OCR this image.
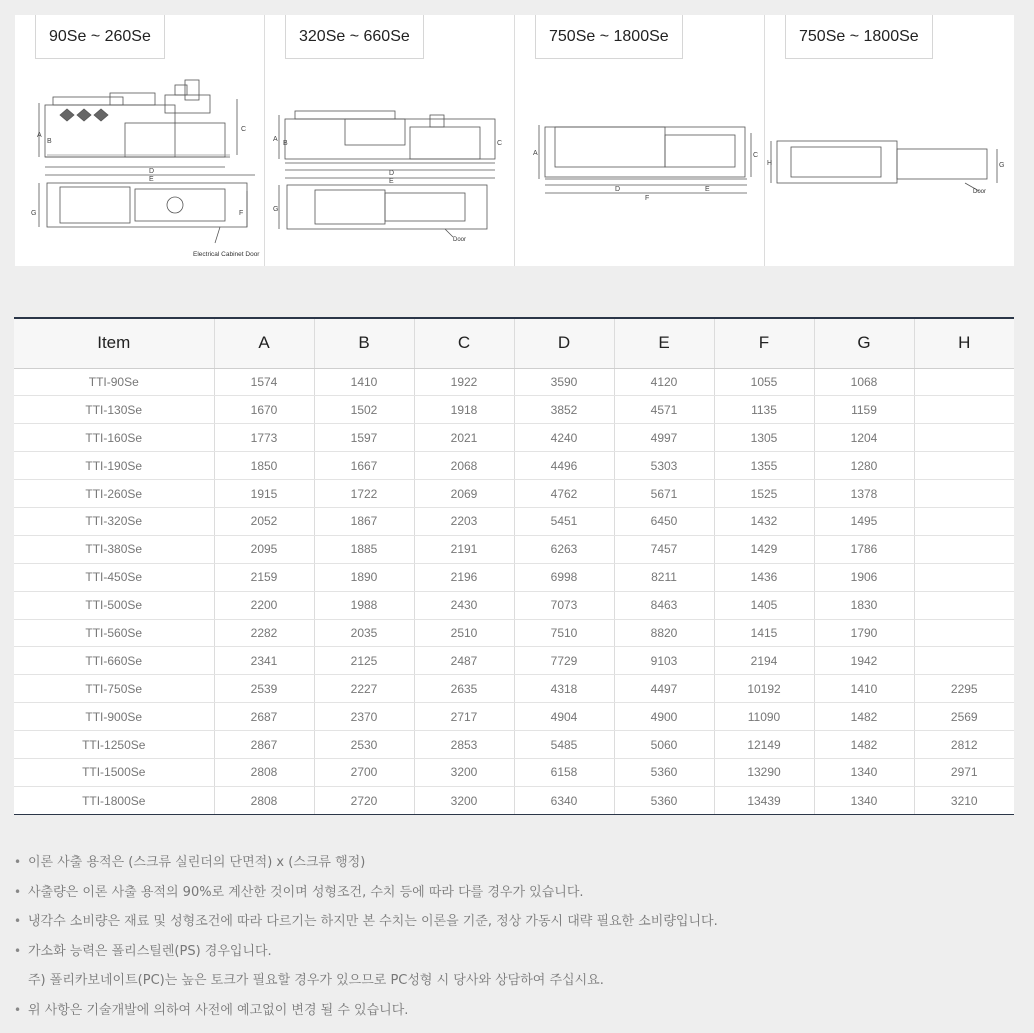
A
B
C
D
E
F
G
Electrical Cabinet Door
90Se ~ 260Se
A
B	C
D
E
G
Door
320Se ~ 660Se
A
D	E
F
C
750Se ~ 1800Se
H	G
Door
750Se ~ 1800Se
Item	A	B	C	D	E	F	G	H
TTI-90Se	1574	1410	1922	3590	4120	1055	1068	
TTI-130Se	1670	1502	1918	3852	4571	1135	1159	
TTI-160Se	1773	1597	2021	4240	4997	1305	1204	
TTI-190Se	1850	1667	2068	4496	5303	1355	1280	
TTI-260Se	1915	1722	2069	4762	5671	1525	1378	
TTI-320Se	2052	1867	2203	5451	6450	1432	1495	
TTI-380Se	2095	1885	2191	6263	7457	1429	1786	
TTI-450Se	2159	1890	2196	6998	8211	1436	1906	
TTI-500Se	2200	1988	2430	7073	8463	1405	1830	
TTI-560Se	2282	2035	2510	7510	8820	1415	1790	
TTI-660Se	2341	2125	2487	7729	9103	2194	1942	
TTI-750Se	2539	2227	2635	4318	4497	10192	1410	2295
TTI-900Se	2687	2370	2717	4904	4900	11090	1482	2569
TTI-1250Se	2867	2530	2853	5485	5060	12149	1482	2812
TTI-1500Se	2808	2700	3200	6158	5360	13290	1340	2971
TTI-1800Se	2808	2720	3200	6340	5360	13439	1340	3210
• 이론 사출 용적은 (스크류 실린더의 단면적) x (스크류 행정)
• 사출량은 이론 사출 용적의 90%로 계산한 것이며 성형조건, 수치 등에 따라 다를 경우가 있습니다.
• 냉각수 소비량은 재료 및 성형조건에 따라 다르기는 하지만 본 수치는 이론을 기준, 정상 가동시 대략 필요한 소비량입니다.
• 가소화 능력은 폴리스틸렌(PS) 경우입니다.
주) 폴리카보네이트(PC)는 높은 토크가 필요할 경우가 있으므로 PC성형 시 당사와 상담하여 주십시요.
• 위 사항은 기술개발에 의하여 사전에 예고없이 변경 될 수 있습니다.
